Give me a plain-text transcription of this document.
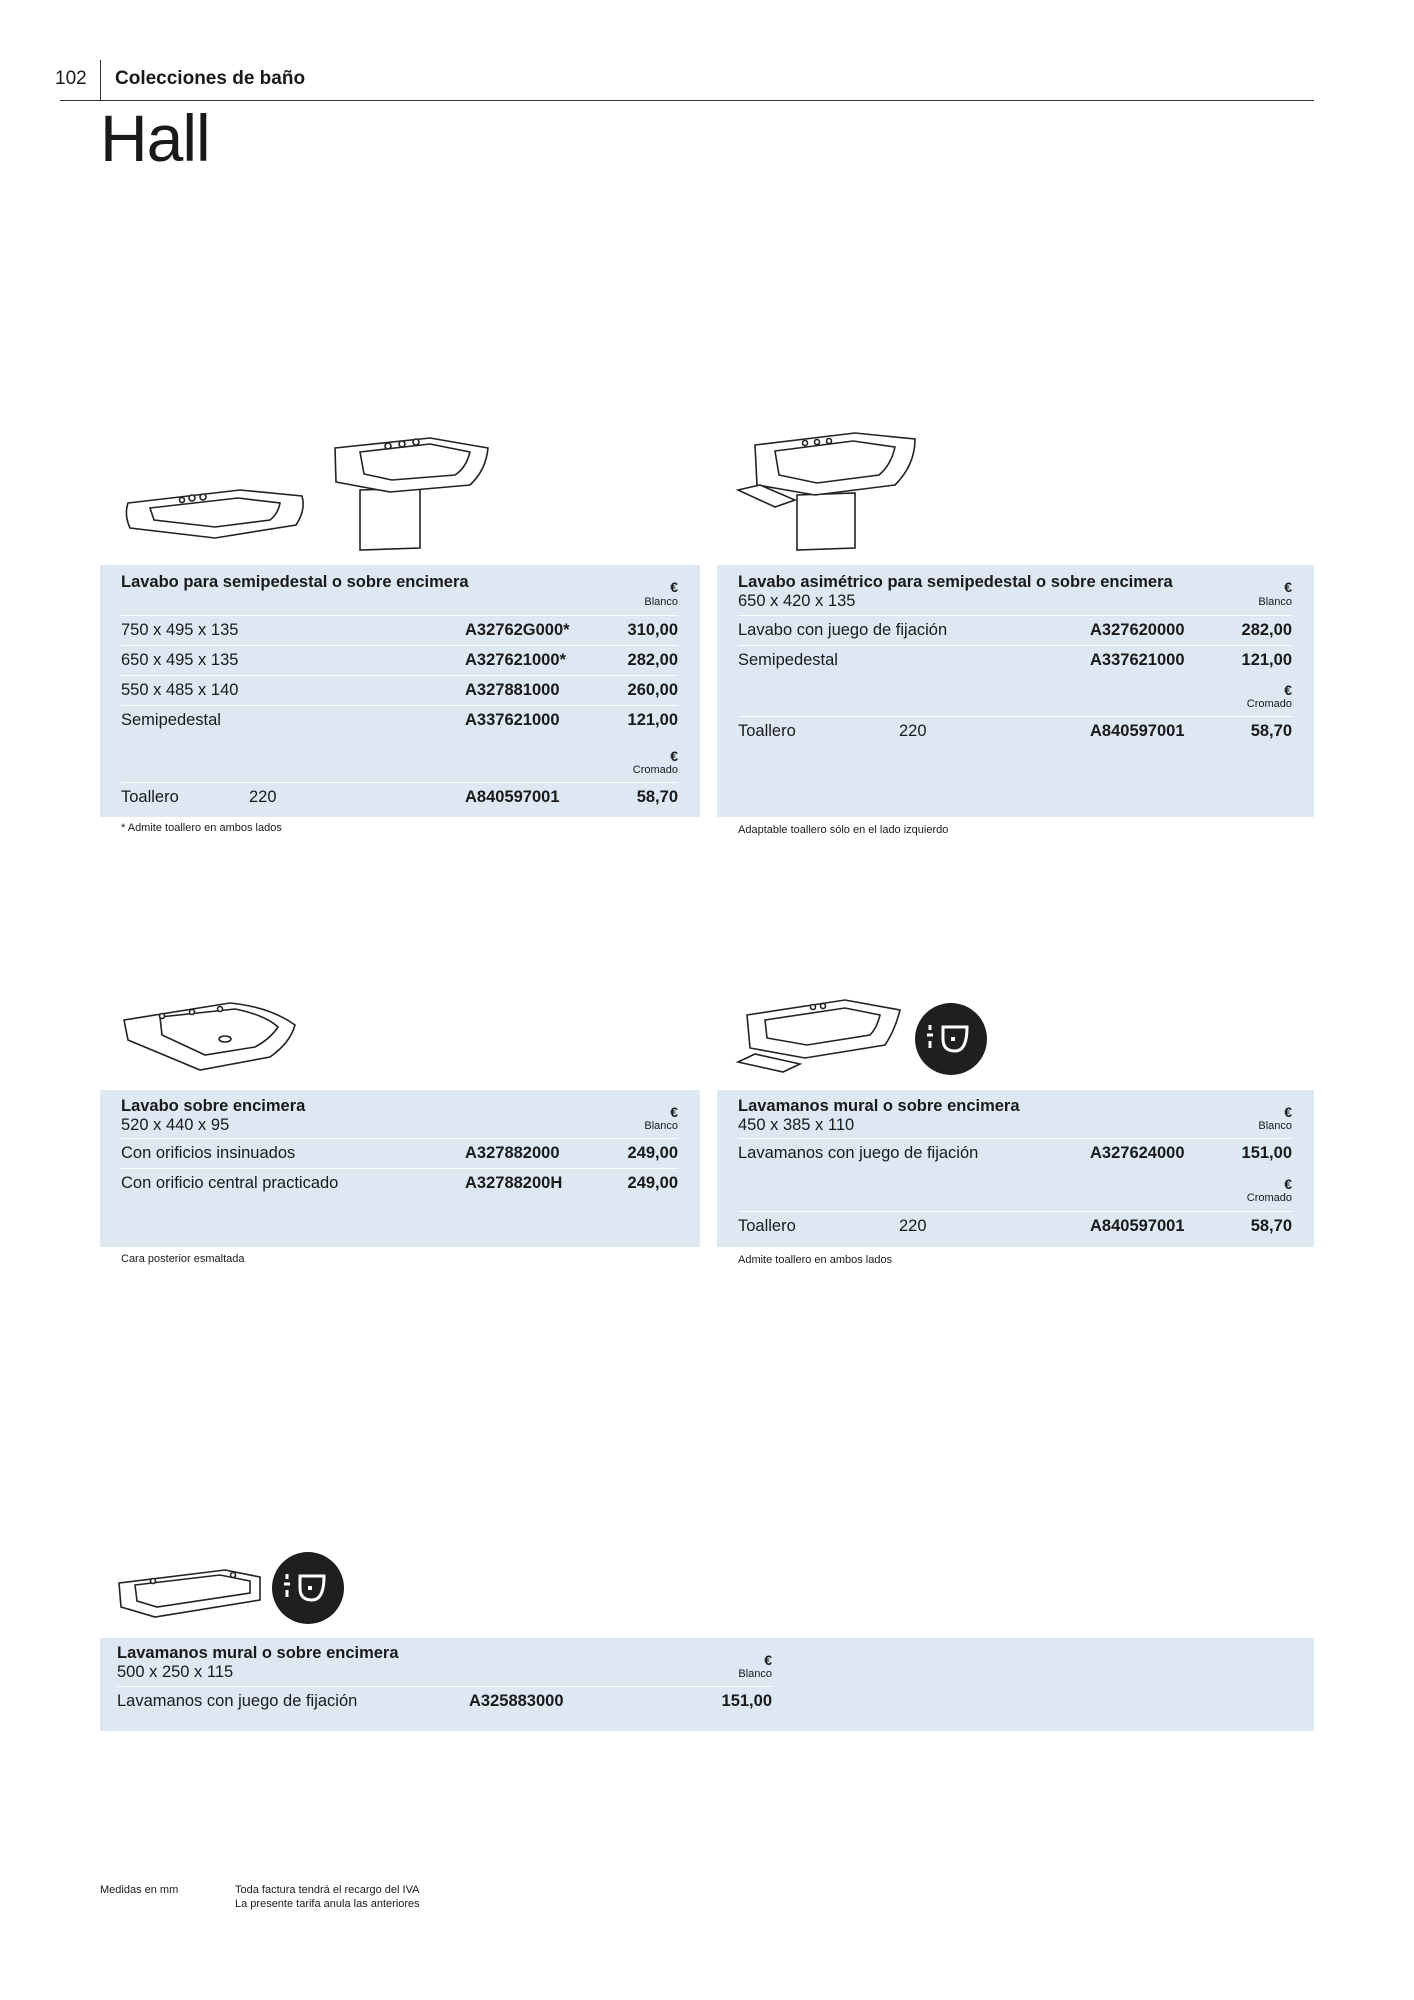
102 Colecciones de baño
Hall
Lavabo para semipedestal o sobre encimera	€
Blanco
750 x 495 x 135	A32762G000*	310,00
650 x 495 x 135	A327621000*	282,00
550 x 485 x 140	A327881000	260,00
Semipedestal	A337621000	121,00
€
Cromado
Toallero	220	A840597001	58,70
* Admite toallero en ambos lados
Lavabo asimétrico para semipedestal o sobre encimera
650 x 420 x 135
€
Blanco
Lavabo con juego de fijación	A327620000	282,00
Semipedestal	A337621000	121,00
€
Cromado
Toallero	220	A840597001	58,70
Adaptable toallero sólo en el lado izquierdo
Lavabo sobre encimera
520 x 440 x 95
€
Blanco
Con orificios insinuados	A327882000	249,00
Con orificio central practicado	A32788200H	249,00
Cara posterior esmaltada
Lavamanos mural o sobre encimera
450 x 385 x 110
€
Blanco
Lavamanos con juego de fijación	A327624000	151,00
€
Cromado
Toallero	220	A840597001	58,70
Admite toallero en ambos lados
Lavamanos mural o sobre encimera
500 x 250 x 115
€
Blanco
Lavamanos con juego de fijación	A325883000	151,00
Medidas en mm	Toda factura tendrá el recargo del IVA
La presente tarifa anula las anteriores
